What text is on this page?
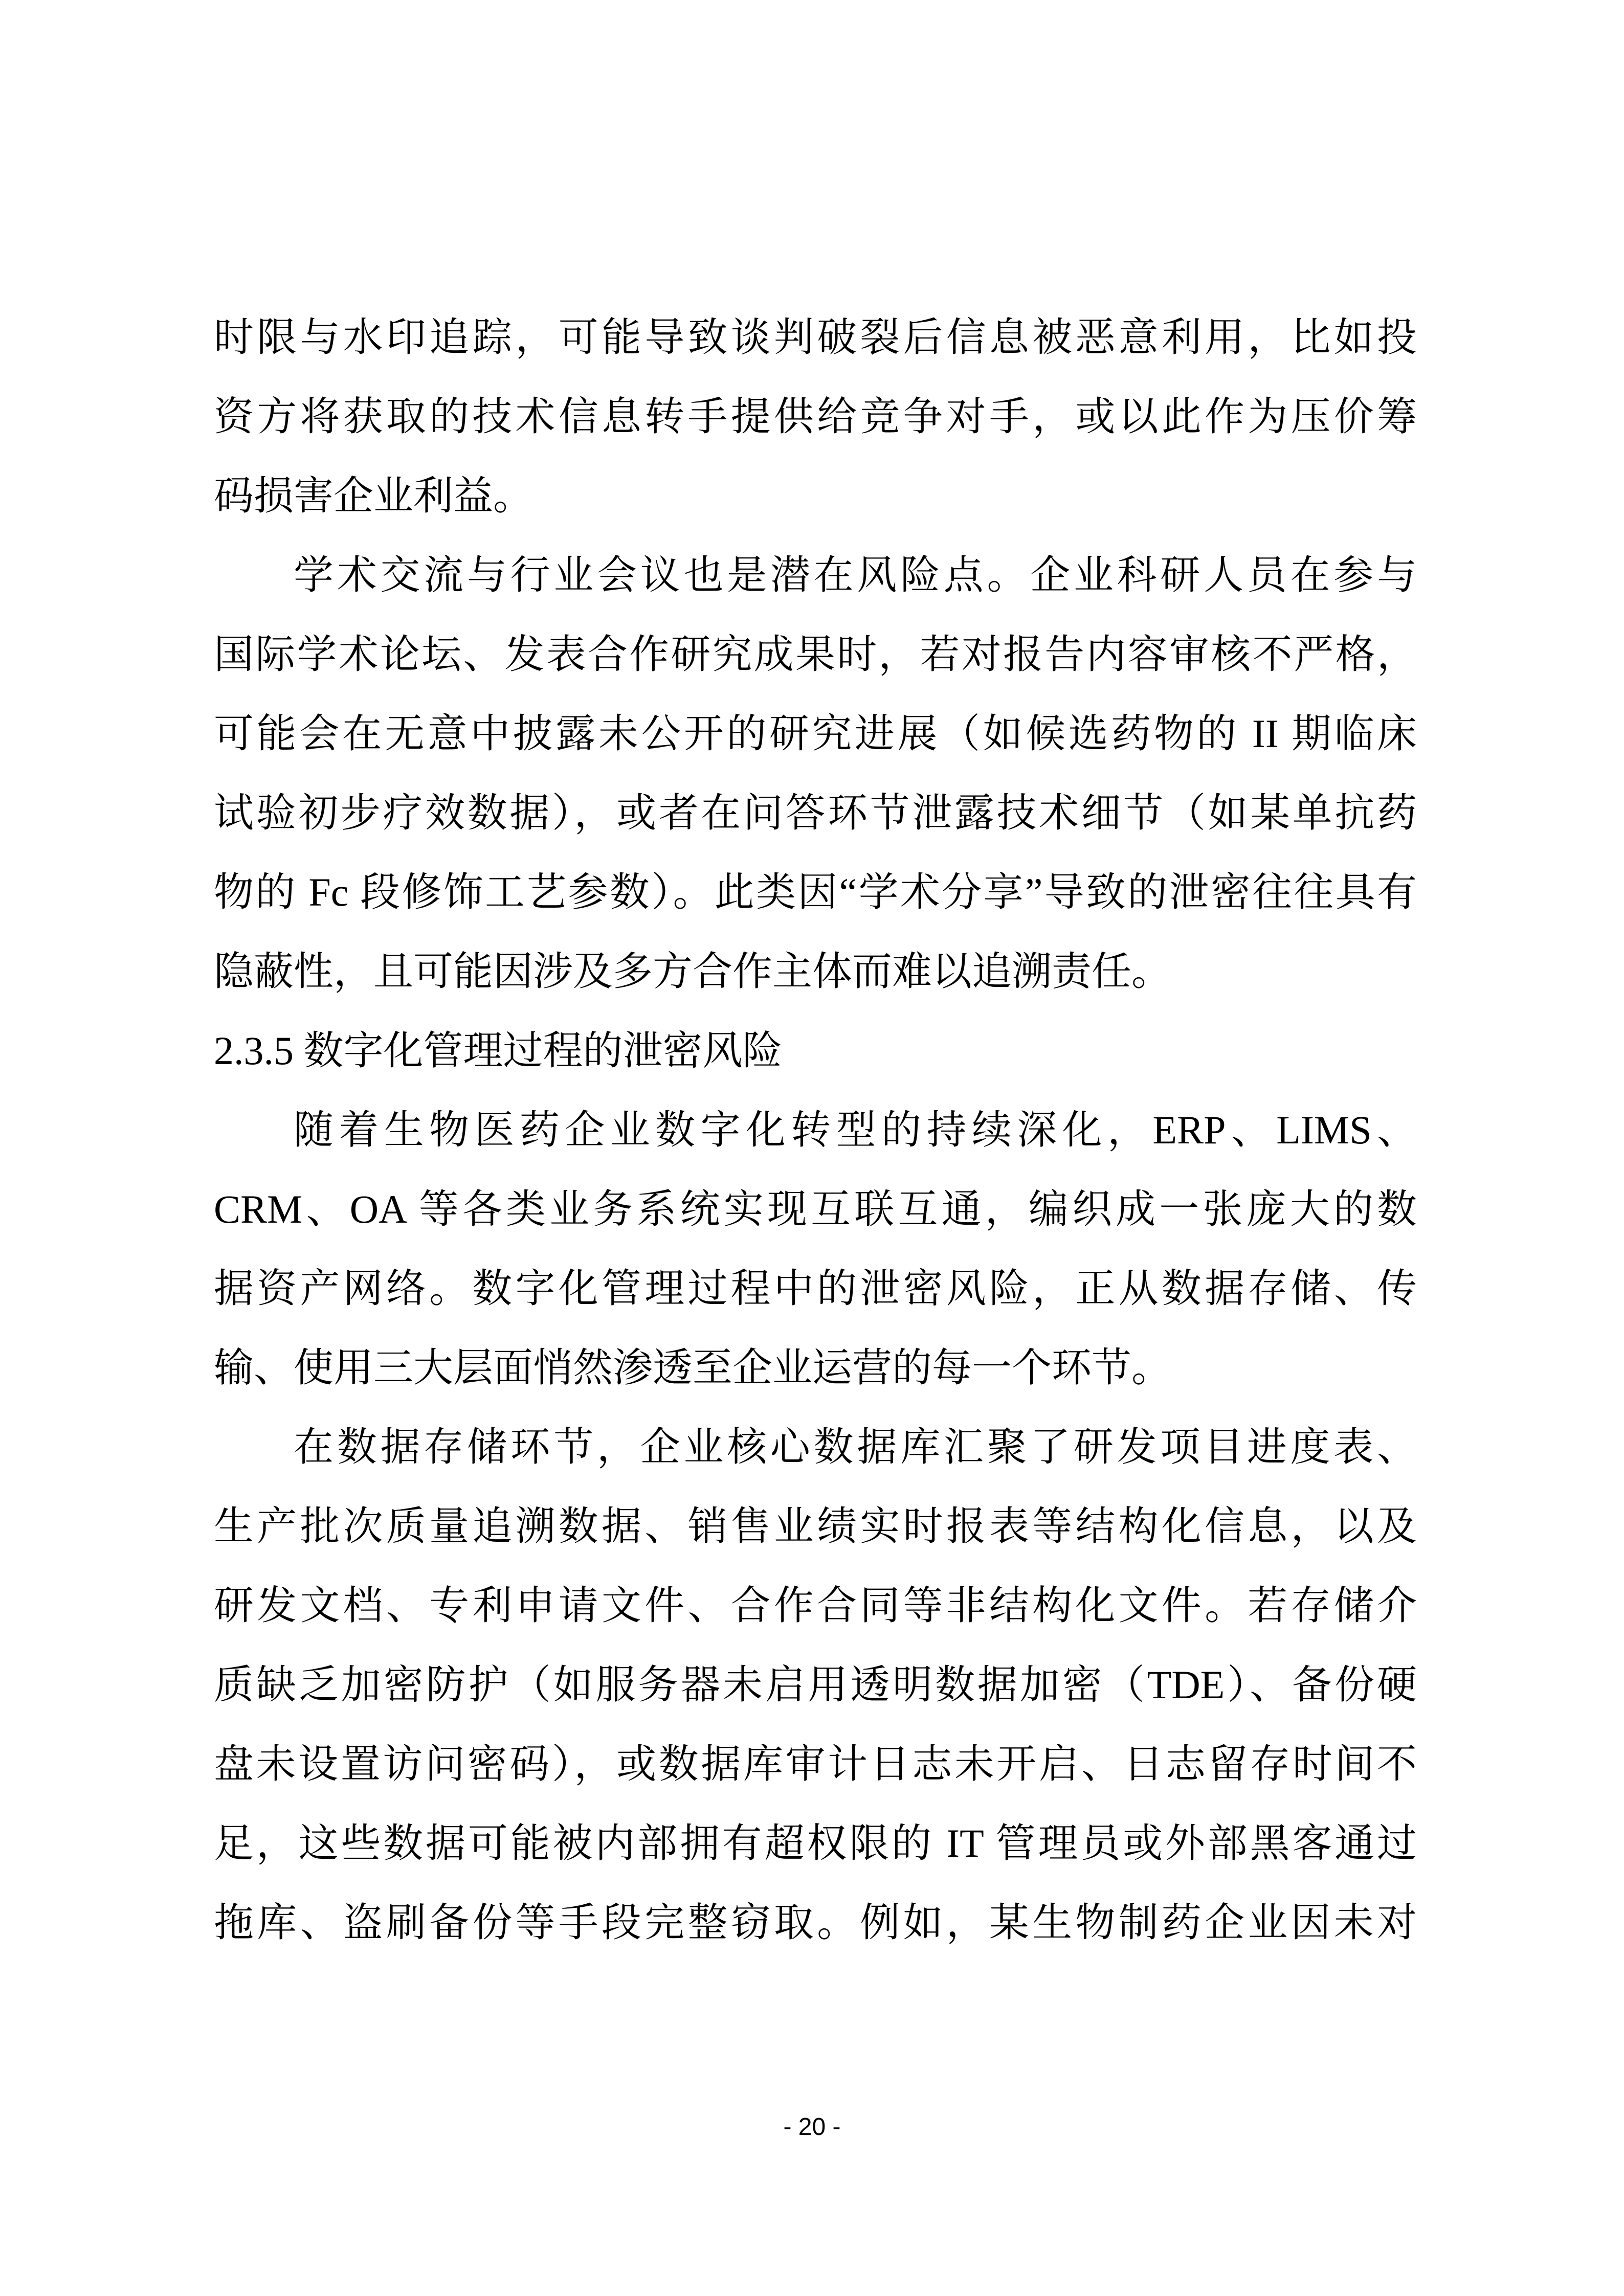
时限与水印追踪，可能导致谈判破裂后信息被恶意利用，比如投
资方将获取的技术信息转手提供给竞争对手，或以此作为压价筹
码损害企业利益。
学术交流与行业会议也是潜在风险点。企业科研人员在参与
国际学术论坛、发表合作研究成果时，若对报告内容审核不严格，
可能会在无意中披露未公开的研究进展（如候选药物的 II 期临床
试验初步疗效数据），或者在问答环节泄露技术细节（如某单抗药
物的 Fc 段修饰工艺参数）。此类因“学术分享”导致的泄密往往具有
隐蔽性，且可能因涉及多方合作主体而难以追溯责任。
2.3.5 数字化管理过程的泄密风险
随着生物医药企业数字化转型的持续深化，ERP、LIMS、
CRM、OA 等各类业务系统实现互联互通，编织成一张庞大的数
据资产网络。数字化管理过程中的泄密风险，正从数据存储、传
输、使用三大层面悄然渗透至企业运营的每一个环节。
在数据存储环节，企业核心数据库汇聚了研发项目进度表、
生产批次质量追溯数据、销售业绩实时报表等结构化信息，以及
研发文档、专利申请文件、合作合同等非结构化文件。若存储介
质缺乏加密防护（如服务器未启用透明数据加密（TDE）、备份硬
盘未设置访问密码），或数据库审计日志未开启、日志留存时间不
足，这些数据可能被内部拥有超权限的 IT 管理员或外部黑客通过
拖库、盗刷备份等手段完整窃取。例如，某生物制药企业因未对
- 20 -
